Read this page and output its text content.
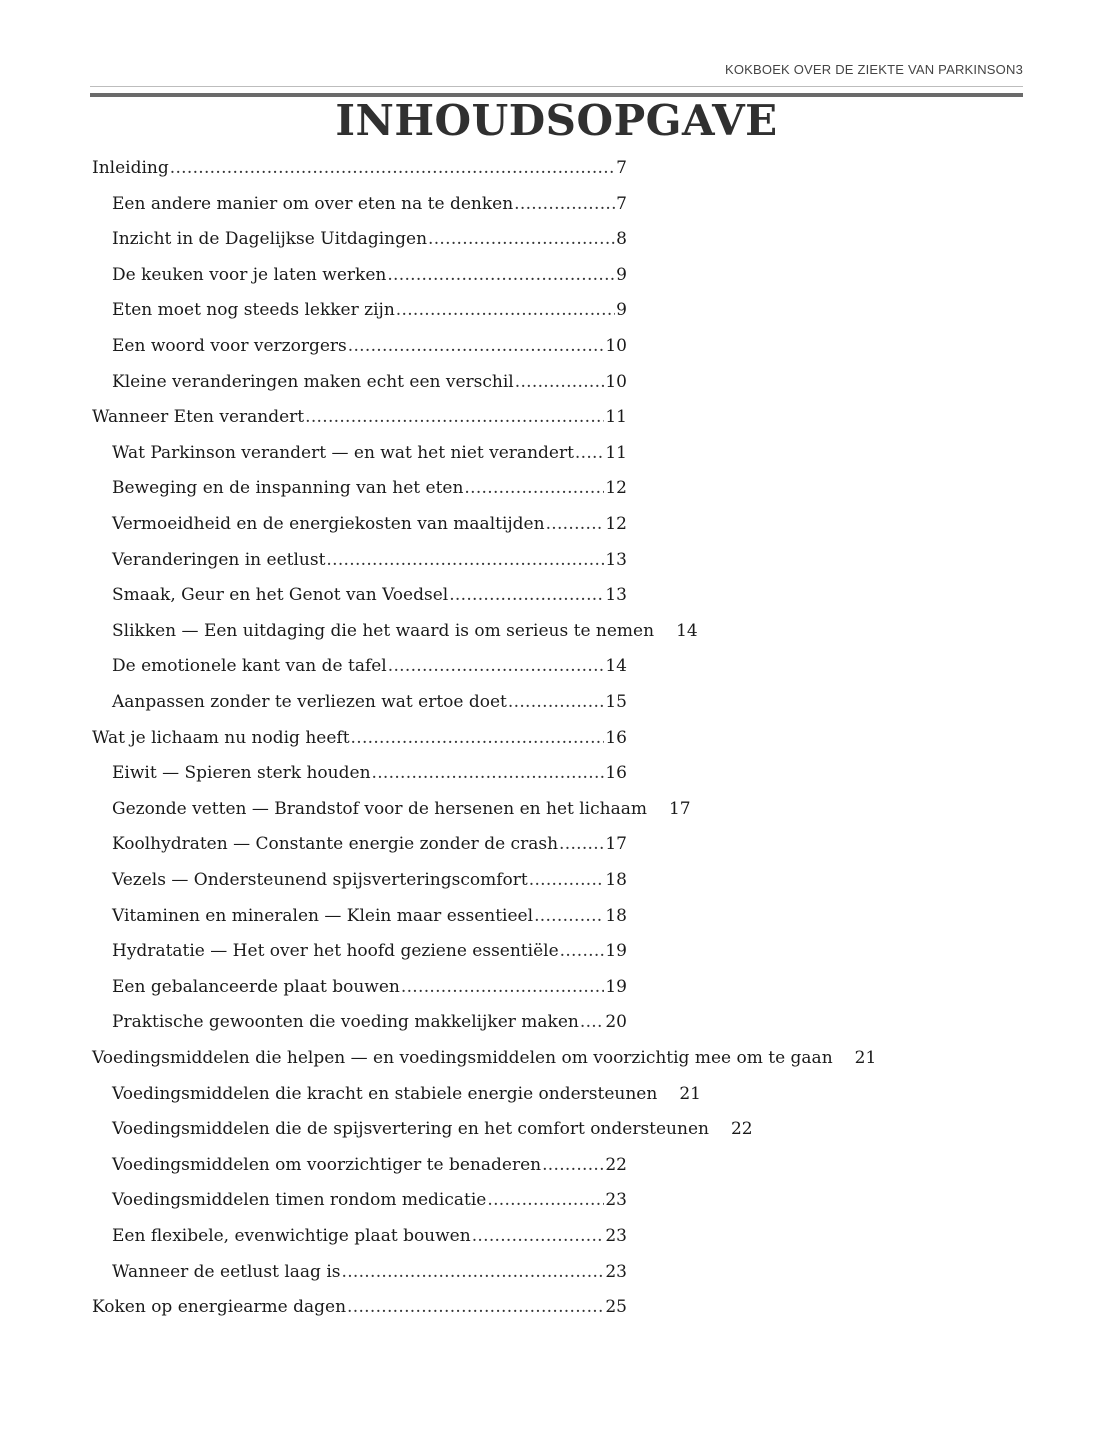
KOKBOEK OVER DE ZIEKTE VAN PARKINSON3
INHOUDSOPGAVE
Inleiding .....	7
Een andere manier om over eten na te denken .....	7
Inzicht in de Dagelijkse Uitdagingen .....	8
De keuken voor je laten werken .....	9
Eten moet nog steeds lekker zijn .....	9
Een woord voor verzorgers .....	10
Kleine veranderingen maken echt een verschil .....	10
Wanneer Eten verandert .....	11
Wat Parkinson verandert — en wat het niet verandert ..... 11
Beweging en de inspanning van het eten .....	12
Vermoeidheid en de energiekosten van maaltijden .....	12
Veranderingen in eetlust .....	13
Smaak, Geur en het Genot van Voedsel .....	13
Slikken — Een uitdaging die het waard is om serieus te nemen 14
De emotionele kant van de tafel .....	14
Aanpassen zonder te verliezen wat ertoe doet .....	15
Wat je lichaam nu nodig heeft .....	16
Eiwit — Spieren sterk houden .....	16
Gezonde vetten — Brandstof voor de hersenen en het lichaam 17
Koolhydraten — Constante energie zonder de crash .....	17
Vezels — Ondersteunend spijsverteringscomfort .....	18
Vitaminen en mineralen — Klein maar essentieel .....	18
Hydratatie — Het over het hoofd geziene essentiële .....	19
Een gebalanceerde plaat bouwen .....	19
Praktische gewoonten die voeding makkelijker maken ..... 20
Voedingsmiddelen die helpen — en voedingsmiddelen om voorzichtig mee om te gaan 21
Voedingsmiddelen die kracht en stabiele energie ondersteunen 21
Voedingsmiddelen die de spijsvertering en het comfort ondersteunen 22
Voedingsmiddelen om voorzichtiger te benaderen .....	22
Voedingsmiddelen timen rondom medicatie .....	23
Een flexibele, evenwichtige plaat bouwen .....	23
Wanneer de eetlust laag is .....	23
Koken op energiearme dagen .....	25
